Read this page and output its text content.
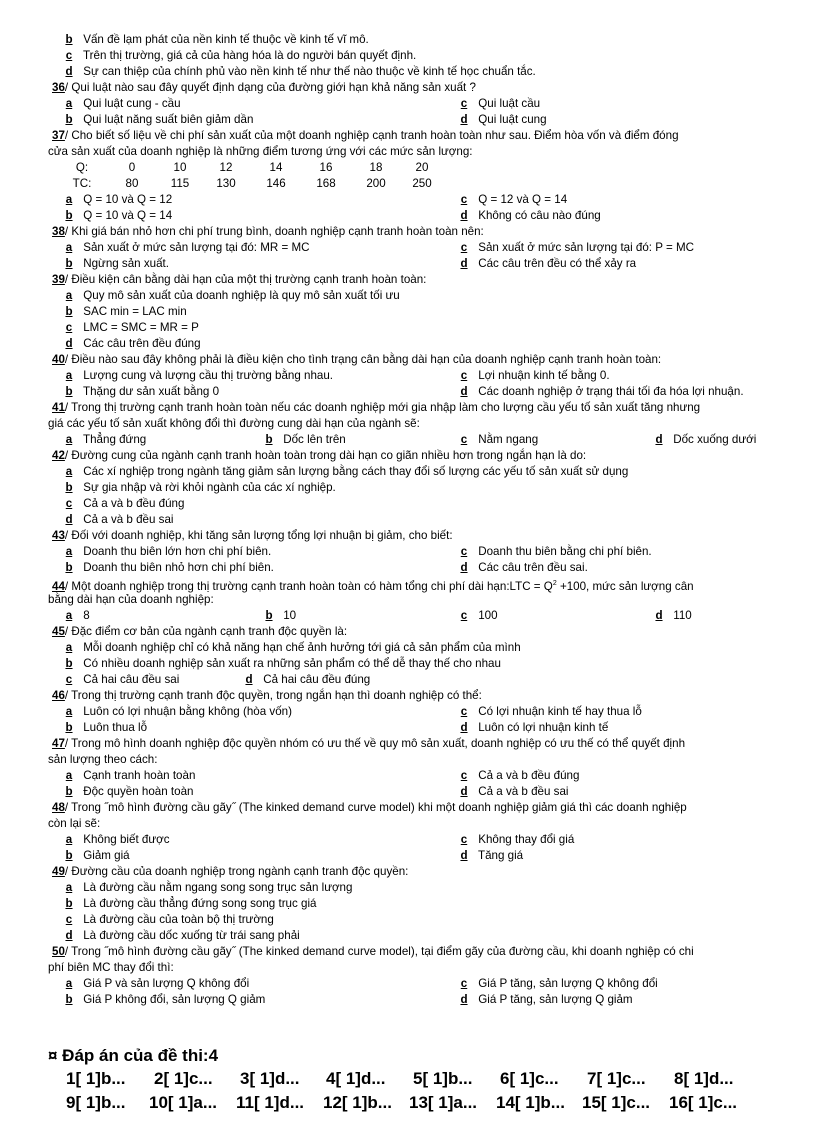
b Vấn đề lạm phát của nền kinh tế thuộc về kinh tế vĩ mô.
c Trên thị trường, giá cả của hàng hóa là do người bán quyết định.
d Sự can thiệp của chính phủ vào nền kinh tế như thế nào thuộc về kinh tế học chuẩn tắc.
36/ Qui luật nào sau đây quyết định dạng của đường giới hạn khả năng sản xuất ?
a Qui luật cung - cầu	c Qui luật cầu
b Qui luật năng suất biên giảm dần	d Qui luật cung
37/ Cho biết số liệu về chi phí sản xuất của một doanh nghiệp cạnh tranh hoàn toàn như sau. Điểm hòa vốn và điểm đóng
cửa sản xuất của doanh nghiệp là những điểm tương ứng với các mức sản lượng:
Q:	0	10	12	14	16	18	20
TC:	80	115	130	146	168	200	250
a Q = 10 và Q = 12	c Q = 12 và Q = 14
b Q = 10 và Q = 14	d Không có câu nào đúng
38/ Khi giá bán nhỏ hơn chi phí trung bình, doanh nghiệp cạnh tranh hoàn toàn nên:
a Sản xuất ở mức sản lượng tại đó: MR = MC	c Sản xuất ở mức sản lượng tại đó: P = MC
b Ngừng sản xuất.	d Các câu trên đều có thể xảy ra
39/ Điều kiện cân bằng dài hạn của một thị trường cạnh tranh hoàn toàn:
a Quy mô sản xuất của doanh nghiệp là quy mô sản xuất tối ưu
b SAC min = LAC min
c LMC = SMC = MR = P
d Các câu trên đều đúng
40/ Điều nào sau đây không phải là điều kiện cho tình trạng cân bằng dài hạn của doanh nghiệp cạnh tranh hoàn toàn:
a Lượng cung và lượng cầu thị trường bằng nhau.	c Lợi nhuận kinh tế bằng 0.
b Thặng dư sản xuất bằng 0	d Các doanh nghiệp ở trạng thái tối đa hóa lợi nhuận.
41/ Trong thị trường cạnh tranh hoàn toàn nếu các doanh nghiệp mới gia nhập làm cho lượng cầu yếu tố sản xuất tăng nhưng
giá các yếu tố sản xuất không đổi thì đường cung dài hạn của ngành sẽ:
a Thẳng đứng	b Dốc lên trên	c Nằm ngang	d Dốc xuống dưới
42/ Đường cung của ngành cạnh tranh hoàn toàn trong dài hạn co giãn nhiều hơn trong ngắn hạn là do:
a Các xí nghiệp trong ngành tăng giảm sản lượng bằng cách thay đổi số lượng các yếu tố sản xuất sử dụng
b Sự gia nhập và rời khỏi ngành của các xí nghiệp.
c Cả a và b đều đúng
d Cả a và b đều sai
43/ Đối với doanh nghiệp, khi tăng sản lượng tổng lợi nhuận bị giảm, cho biết:
a Doanh thu biên lớn hơn chi phí biên.	c Doanh thu biên bằng chi phí biên.
b Doanh thu biên nhỏ hơn chi phí biên.	d Các câu trên đều sai.
44/ Một doanh nghiệp trong thị trường cạnh tranh hoàn toàn có hàm tổng chi phí dài hạn:LTC = $Q^2 +100$, mức sản lượng cân
bằng dài hạn của doanh nghiệp:
a 8	b 10	c 100	d 110
45/ Đặc điểm cơ bản của ngành cạnh tranh độc quyền là:
a Mỗi doanh nghiệp chỉ có khả năng hạn chế ảnh hưởng tới giá cả sản phẩm của mình
b Có nhiều doanh nghiệp sản xuất ra những sản phẩm có thể dễ thay thế cho nhau
c Cả hai câu đều sai	d Cả hai câu đều đúng
46/ Trong thị trường cạnh tranh độc quyền, trong ngắn hạn thì doanh nghiệp có thể:
a Luôn có lợi nhuận bằng không (hòa vốn)	c Có lợi nhuận kinh tế hay thua lỗ
b Luôn thua lỗ	d Luôn có lợi nhuận kinh tế
47/ Trong mô hình doanh nghiệp độc quyền nhóm có ưu thế về quy mô sản xuất, doanh nghiệp có ưu thế có thể quyết định
sản lượng theo cách:
a Cạnh tranh hoàn toàn	c Cả a và b đều đúng
b Độc quyền hoàn toàn	d Cả a và b đều sai
48/ Trong ˝mô hình đường cầu gãy˝ (The kinked demand curve model) khi một doanh nghiệp giảm giá thì các doanh nghiệp
còn lại sẽ:
a Không biết được	c Không thay đổi giá
b Giảm giá	d Tăng giá
49/ Đường cầu của doanh nghiệp trong ngành cạnh tranh độc quyền:
a Là đường cầu nằm ngang song song trục sản lượng
b Là đường cầu thẳng đứng song song trục giá
c Là đường cầu của toàn bộ thị trường
d Là đường cầu dốc xuống từ trái sang phải
50/ Trong ˝mô hình đường cầu gãy˝ (The kinked demand curve model), tại điểm gãy của đường cầu, khi doanh nghiệp có chi
phí biên MC thay đổi thì:
a Giá P và sản lượng Q không đổi	c Giá P tăng, sản lượng Q không đổi
b Giá P không đổi, sản lượng Q giảm	d Giá P tăng, sản lượng Q giảm
¤ Đáp án của đề thi:4
1[ 1]b... 2[ 1]c... 3[ 1]d... 4[ 1]d... 5[ 1]b... 6[ 1]c... 7[ 1]c... 8[ 1]d...
9[ 1]b... 10[ 1]a... 11[ 1]d... 12[ 1]b... 13[ 1]a... 14[ 1]b... 15[ 1]c... 16[ 1]c...
